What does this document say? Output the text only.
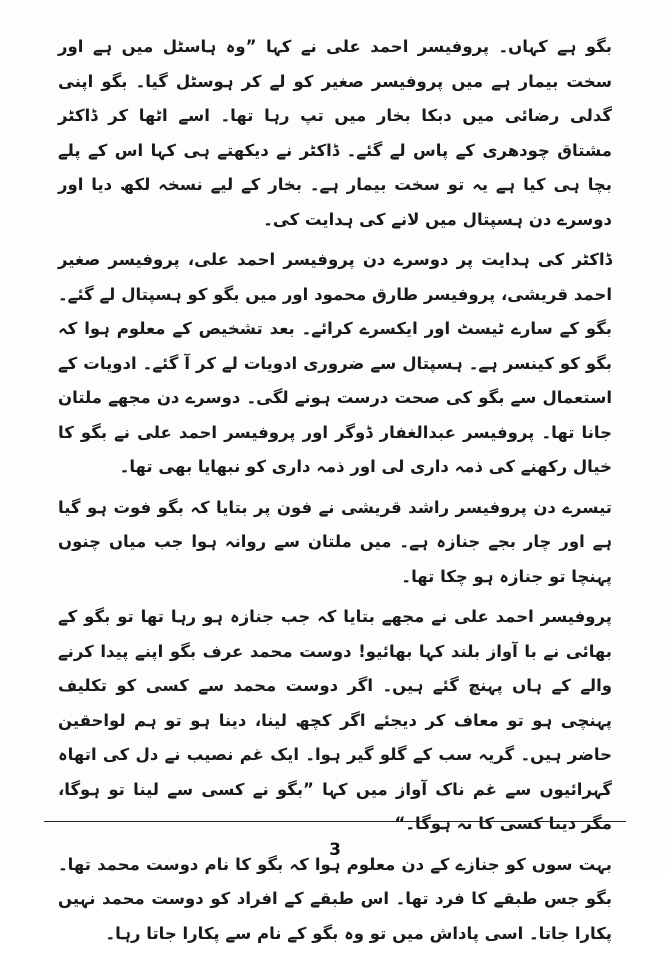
بگو ہے کہاں۔ پروفیسر احمد علی نے کہا ”وہ ہاسٹل میں ہے اور سخت بیمار ہے میں پروفیسر صغیر کو لے کر ہوسٹل گیا۔ بگو اپنی گدلی رضائی میں دبکا بخار میں تپ رہا تھا۔ اسے اٹھا کر ڈاکٹر مشتاق چودھری کے پاس لے گئے۔ ڈاکٹر نے دیکھتے ہی کہا اس کے پلے بچا ہی کیا ہے یہ تو سخت بیمار ہے۔ بخار کے لیے نسخہ لکھ دیا اور دوسرے دن ہسپتال میں لانے کی ہدایت کی۔

ڈاکٹر کی ہدایت پر دوسرے دن پروفیسر احمد علی، پروفیسر صغیر احمد قریشی، پروفیسر طارق محمود اور میں بگو کو ہسپتال لے گئے۔ بگو کے سارے ٹیسٹ اور ایکسرے کرائے۔ بعد تشخیص کے معلوم ہوا کہ بگو کو کینسر ہے۔ ہسپتال سے ضروری ادویات لے کر آ گئے۔ ادویات کے استعمال سے بگو کی صحت درست ہونے لگی۔ دوسرے دن مجھے ملتان جانا تھا۔ پروفیسر عبدالغفار ڈوگر اور پروفیسر احمد علی نے بگو کا خیال رکھنے کی ذمہ داری لی اور ذمہ داری کو نبھایا بھی تھا۔

تیسرے دن پروفیسر راشد قریشی نے فون پر بتایا کہ بگو فوت ہو گیا ہے اور چار بجے جنازہ ہے۔ میں ملتان سے روانہ ہوا جب میاں چنوں پہنچا تو جنازہ ہو چکا تھا۔

پروفیسر احمد علی نے مجھے بتایا کہ جب جنازہ ہو رہا تھا تو بگو کے بھائی نے با آواز بلند کہا بھائیو! دوست محمد عرف بگو اپنے پیدا کرنے والے کے ہاں پہنچ گئے ہیں۔ اگر دوست محمد سے کسی کو تکلیف پہنچی ہو تو معاف کر دیجئے اگر کچھ لینا، دینا ہو تو ہم لواحقین حاضر ہیں۔ گریہ سب کے گلو گیر ہوا۔ ایک غم نصیب نے دل کی اتھاہ گہرائیوں سے غم ناک آواز میں کہا ”بگو نے کسی سے لینا تو ہوگا، مگر دینا کسی کا نہ ہوگا۔“

بہت سوں کو جنازے کے دن معلوم ہوا کہ بگو کا نام دوست محمد تھا۔ بگو جس طبقے کا فرد تھا۔ اس طبقے کے افراد کو دوست محمد نہیں پکارا جاتا۔ اسی پاداش میں تو وہ بگو کے نام سے پکارا جاتا رہا۔

3
